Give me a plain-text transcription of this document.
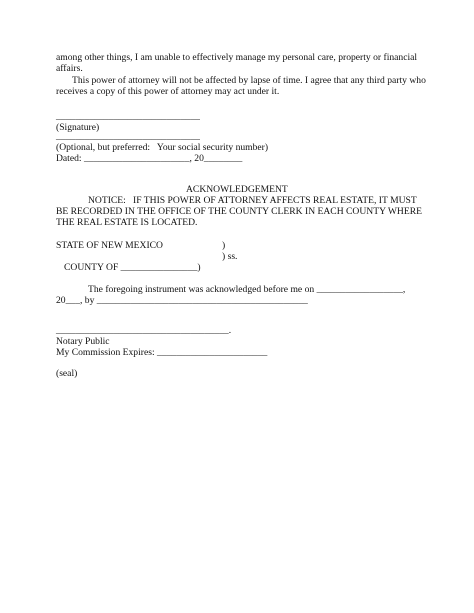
among other things, I am unable to effectively manage my personal care, property or financial
affairs.
This power of attorney will not be affected by lapse of time. I agree that any third party who
receives a copy of this power of attorney may act under it.
______________________________
(Signature)
______________________________
(Optional, but preferred:   Your social security number)
Dated: ______________________, 20________
ACKNOWLEDGEMENT
NOTICE:   IF THIS POWER OF ATTORNEY AFFECTS REAL ESTATE, IT MUST
BE RECORDED IN THE OFFICE OF THE COUNTY CLERK IN EACH COUNTY WHERE
THE REAL ESTATE IS LOCATED.
STATE OF NEW MEXICO	)
) ss.
COUNTY OF ________________)
The foregoing instrument was acknowledged before me on __________________,
20___, by ____________________________________________
____________________________________.
Notary Public
My Commission Expires: _______________________
(seal)
